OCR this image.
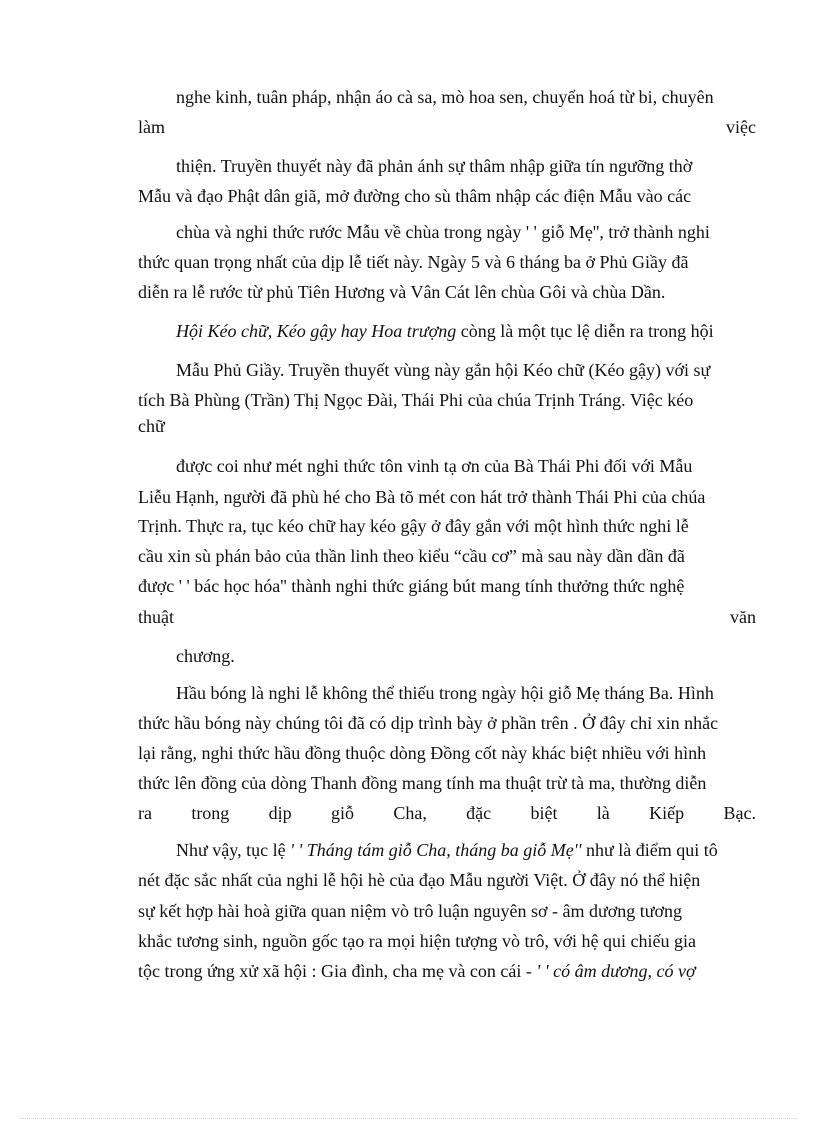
nghe kinh, tuân pháp, nhận áo cà sa, mò hoa sen, chuyển hoá từ bi, chuyên
làm	việc
thiện. Truyền thuyết này đã phản ánh sự thâm nhập giữa tín ngưỡng thờ
Mẫu và đạo Phật dân giã, mở đường cho sù thâm nhập các điện Mẫu vào các
chùa và nghi thức rước Mẫu về chùa trong ngày ' ' giỗ Mẹ'', trở thành nghi
thức quan trọng nhất của dịp lễ tiết này. Ngày 5 và 6 tháng ba ở Phủ Giầy đã
diễn ra lễ rước từ phủ Tiên Hương và Vân Cát lên chùa Gôi và chùa Dần.
Hội Kéo chữ, Kéo gậy hay Hoa trượng còng là một tục lệ diễn ra trong hội
Mẫu Phủ Giầy. Truyền thuyết vùng này gắn hội Kéo chữ (Kéo gậy) với sự
tích Bà Phùng (Trần) Thị Ngọc Đài, Thái Phi của chúa Trịnh Tráng. Việc kéo
chữ
được coi như mét nghi thức tôn vinh tạ ơn của Bà Thái Phi đối với Mẫu
Liễu Hạnh, người đã phù hé cho Bà tõ mét con hát trở thành Thái Phi của chúa
Trịnh. Thực ra, tục kéo chữ hay kéo gậy ở đây gắn với một hình thức nghi lễ
cầu xin sù phán bảo của thần linh theo kiểu “cầu cơ” mà sau này dần dần đã
được ' ' bác học hóa'' thành nghi thức giáng bút mang tính thưởng thức nghệ
thuật	văn
chương.
Hầu bóng là nghi lễ không thể thiếu trong ngày hội giỗ Mẹ tháng Ba. Hình
thức hầu bóng này chúng tôi đã có dịp trình bày ở phần trên . Ở đây chỉ xin nhắc
lại rằng, nghi thức hầu đồng thuộc dòng Đồng cốt này khác biệt nhiều với hình
thức lên đồng của dòng Thanh đồng mang tính ma thuật trừ tà ma, thường diễn
ra trong dịp giỗ Cha, đặc biệt là Kiếp Bạc.
Như vậy, tục lệ ' ' Tháng tám giỗ Cha, tháng ba giỗ Mẹ'' như là điểm qui tô
nét đặc sắc nhất của nghi lễ hội hè của đạo Mẫu người Việt. Ở đây nó thể hiện
sự kết hợp hài hoà giữa quan niệm vò trô luận nguyên sơ - âm dương tương
khắc tương sinh, nguồn gốc tạo ra mọi hiện tượng vò trô, với hệ qui chiếu gia
tộc trong ứng xử xã hội : Gia đình, cha mẹ và con cái - ' ' có âm dương, có vợ
